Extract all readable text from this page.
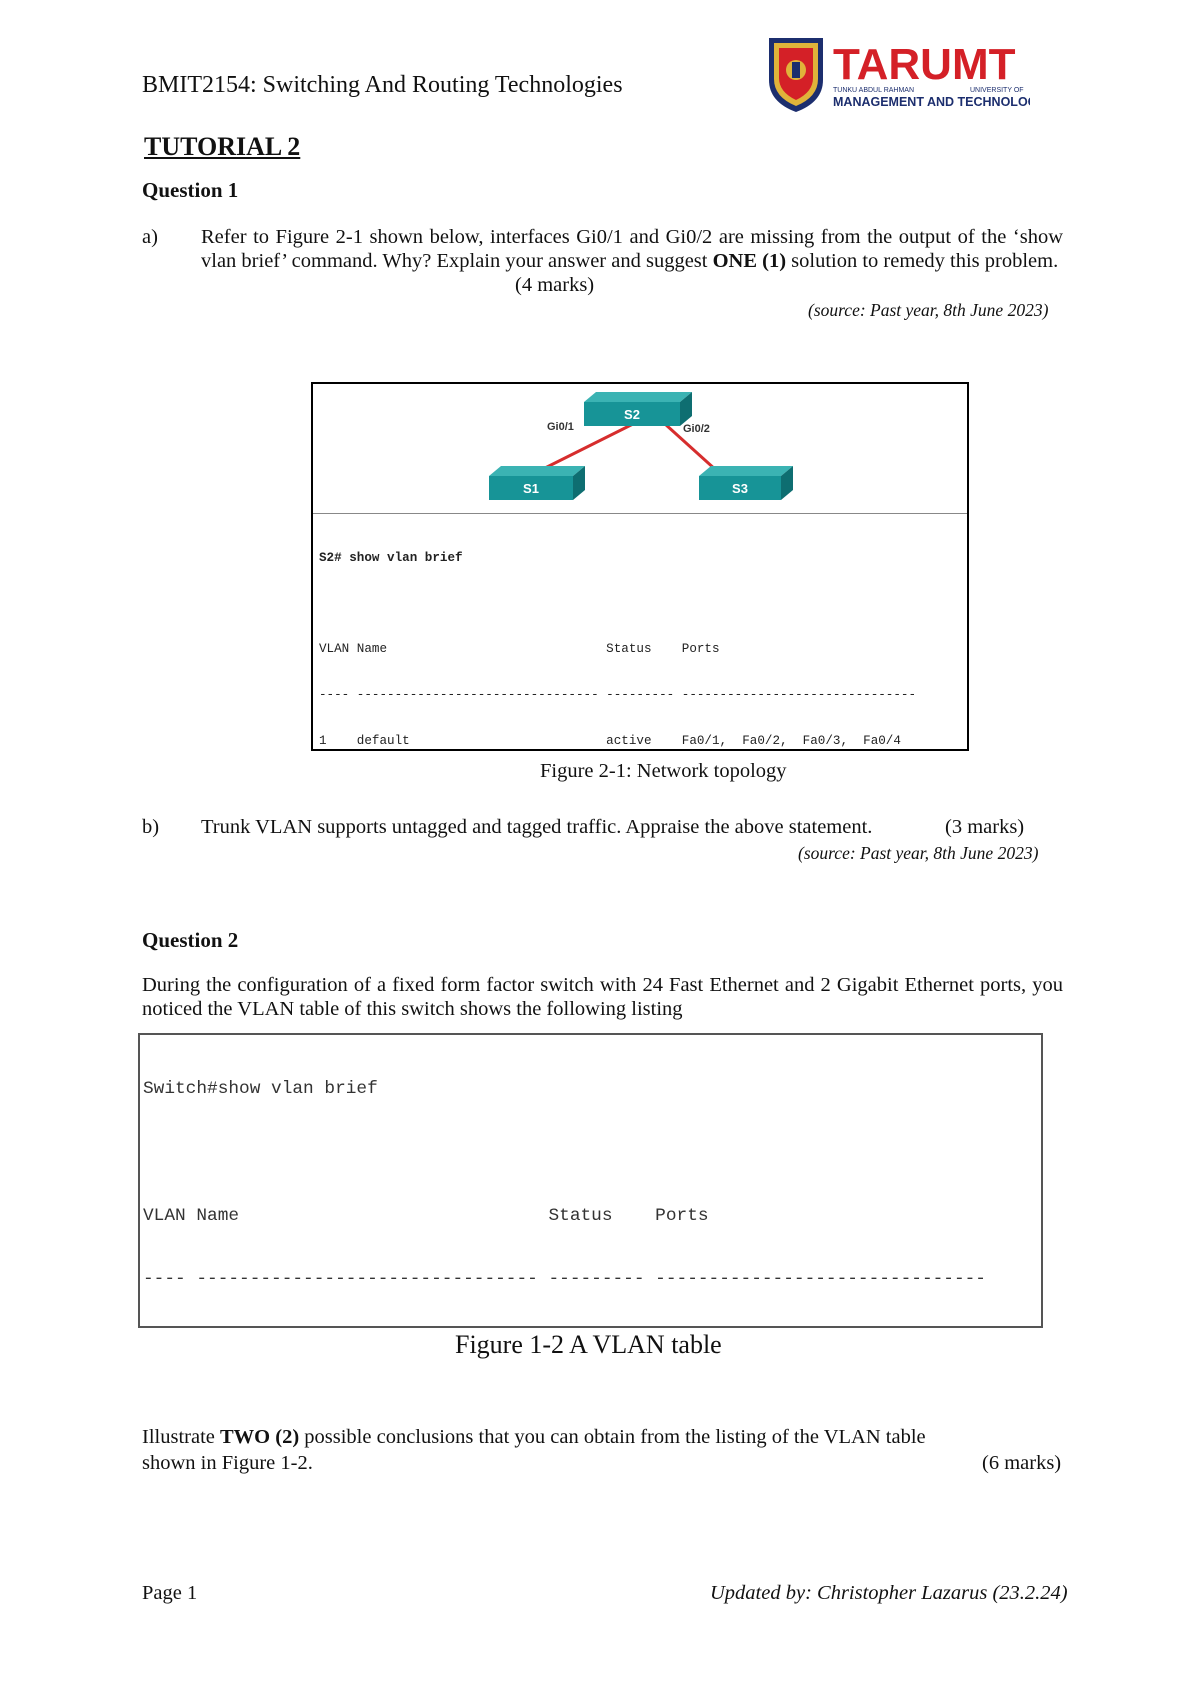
BMIT2154: Switching And Routing Technologies	TARUMT
TUNKU ABDUL RAHMAN	UNIVERSITY OF
MANAGEMENT AND TECHNOLOGY
TUTORIAL 2
Question 1
a) Refer to Figure 2-1 shown below, interfaces Gi0/1 and Gi0/2 are missing from the output of the ‘show vlan brief’ command. Why? Explain your answer and suggest ONE (1) solution to remedy this problem.
(4 marks)
(source: Past year, 8th June 2023)
S2
S1	S3
Gi0/1	Gi0/2

S2# show vlan brief

VLAN Name                             Status    Ports

---- -------------------------------- --------- -------------------------------

1    default                          active    Fa0/1,  Fa0/2,  Fa0/3,  Fa0/4

Figure 2-1: Network topology
b) Trunk VLAN supports untagged and tagged traffic. Appraise the above statement.	(3 marks)
(source: Past year, 8th June 2023)
Question 2
During the configuration of a fixed form factor switch with 24 Fast Ethernet and 2 Gigabit Ethernet ports, you noticed the VLAN table of this switch shows the following listing

Switch#show vlan brief

VLAN Name                             Status    Ports

---- -------------------------------- --------- -------------------------------

Figure 1-2 A VLAN table
Illustrate TWO (2) possible conclusions that you can obtain from the listing of the VLAN table
shown in Figure 1-2.	(6 marks)
Page 1	Updated by: Christopher Lazarus (23.2.24)
